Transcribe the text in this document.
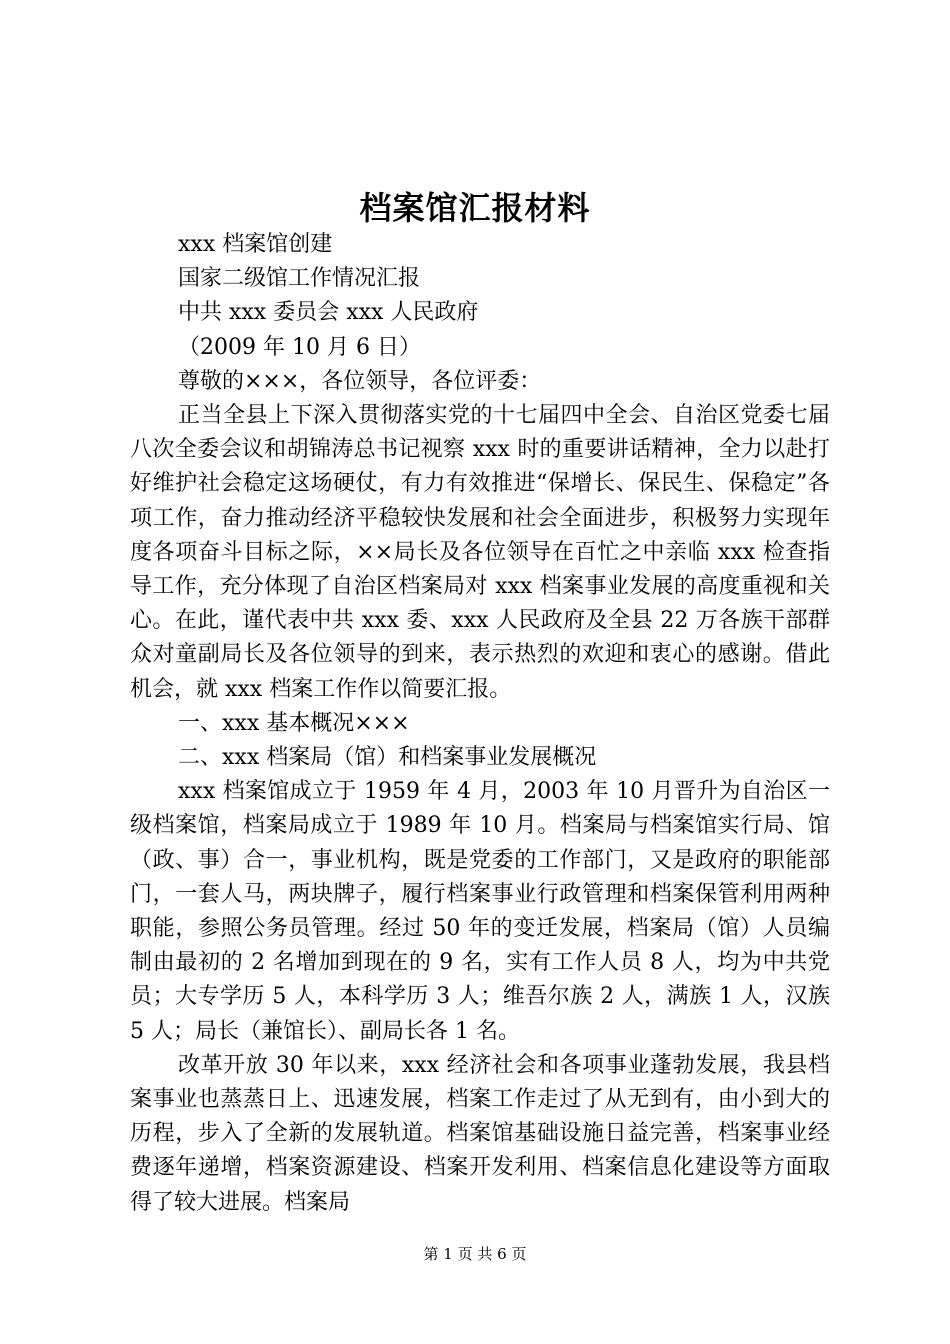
档案馆汇报材料

xxx 档案馆创建

国家二级馆工作情况汇报

中共 xxx 委员会 xxx 人民政府

（2009 年 10 月 6 日）

尊敬的×××，各位领导，各位评委：

正当全县上下深入贯彻落实党的十七届四中全会、自治区党委七届八次全委会议和胡锦涛总书记视察 xxx 时的重要讲话精神，全力以赴打好维护社会稳定这场硬仗，有力有效推进“保增长、保民生、保稳定”各项工作，奋力推动经济平稳较快发展和社会全面进步，积极努力实现年度各项奋斗目标之际，××局长及各位领导在百忙之中亲临 xxx 检查指导工作，充分体现了自治区档案局对 xxx 档案事业发展的高度重视和关心。在此，谨代表中共 xxx 委、xxx 人民政府及全县 22 万各族干部群众对童副局长及各位领导的到来，表示热烈的欢迎和衷心的感谢。借此机会，就 xxx 档案工作作以简要汇报。

一、xxx 基本概况×××

二、xxx 档案局（馆）和档案事业发展概况

xxx 档案馆成立于 1959 年 4 月，2003 年 10 月晋升为自治区一级档案馆，档案局成立于 1989 年 10 月。档案局与档案馆实行局、馆（政、事）合一，事业机构，既是党委的工作部门，又是政府的职能部门，一套人马，两块牌子，履行档案事业行政管理和档案保管利用两种职能，参照公务员管理。经过 50 年的变迁发展，档案局（馆）人员编制由最初的 2 名增加到现在的 9 名，实有工作人员 8 人，均为中共党员；大专学历 5 人，本科学历 3 人；维吾尔族 2 人，满族 1 人，汉族 5 人；局长（兼馆长）、副局长各 1 名。

改革开放 30 年以来，xxx 经济社会和各项事业蓬勃发展，我县档案事业也蒸蒸日上、迅速发展，档案工作走过了从无到有，由小到大的历程，步入了全新的发展轨道。档案馆基础设施日益完善，档案事业经费逐年递增，档案资源建设、档案开发利用、档案信息化建设等方面取得了较大进展。档案局

第 1 页 共 6 页
